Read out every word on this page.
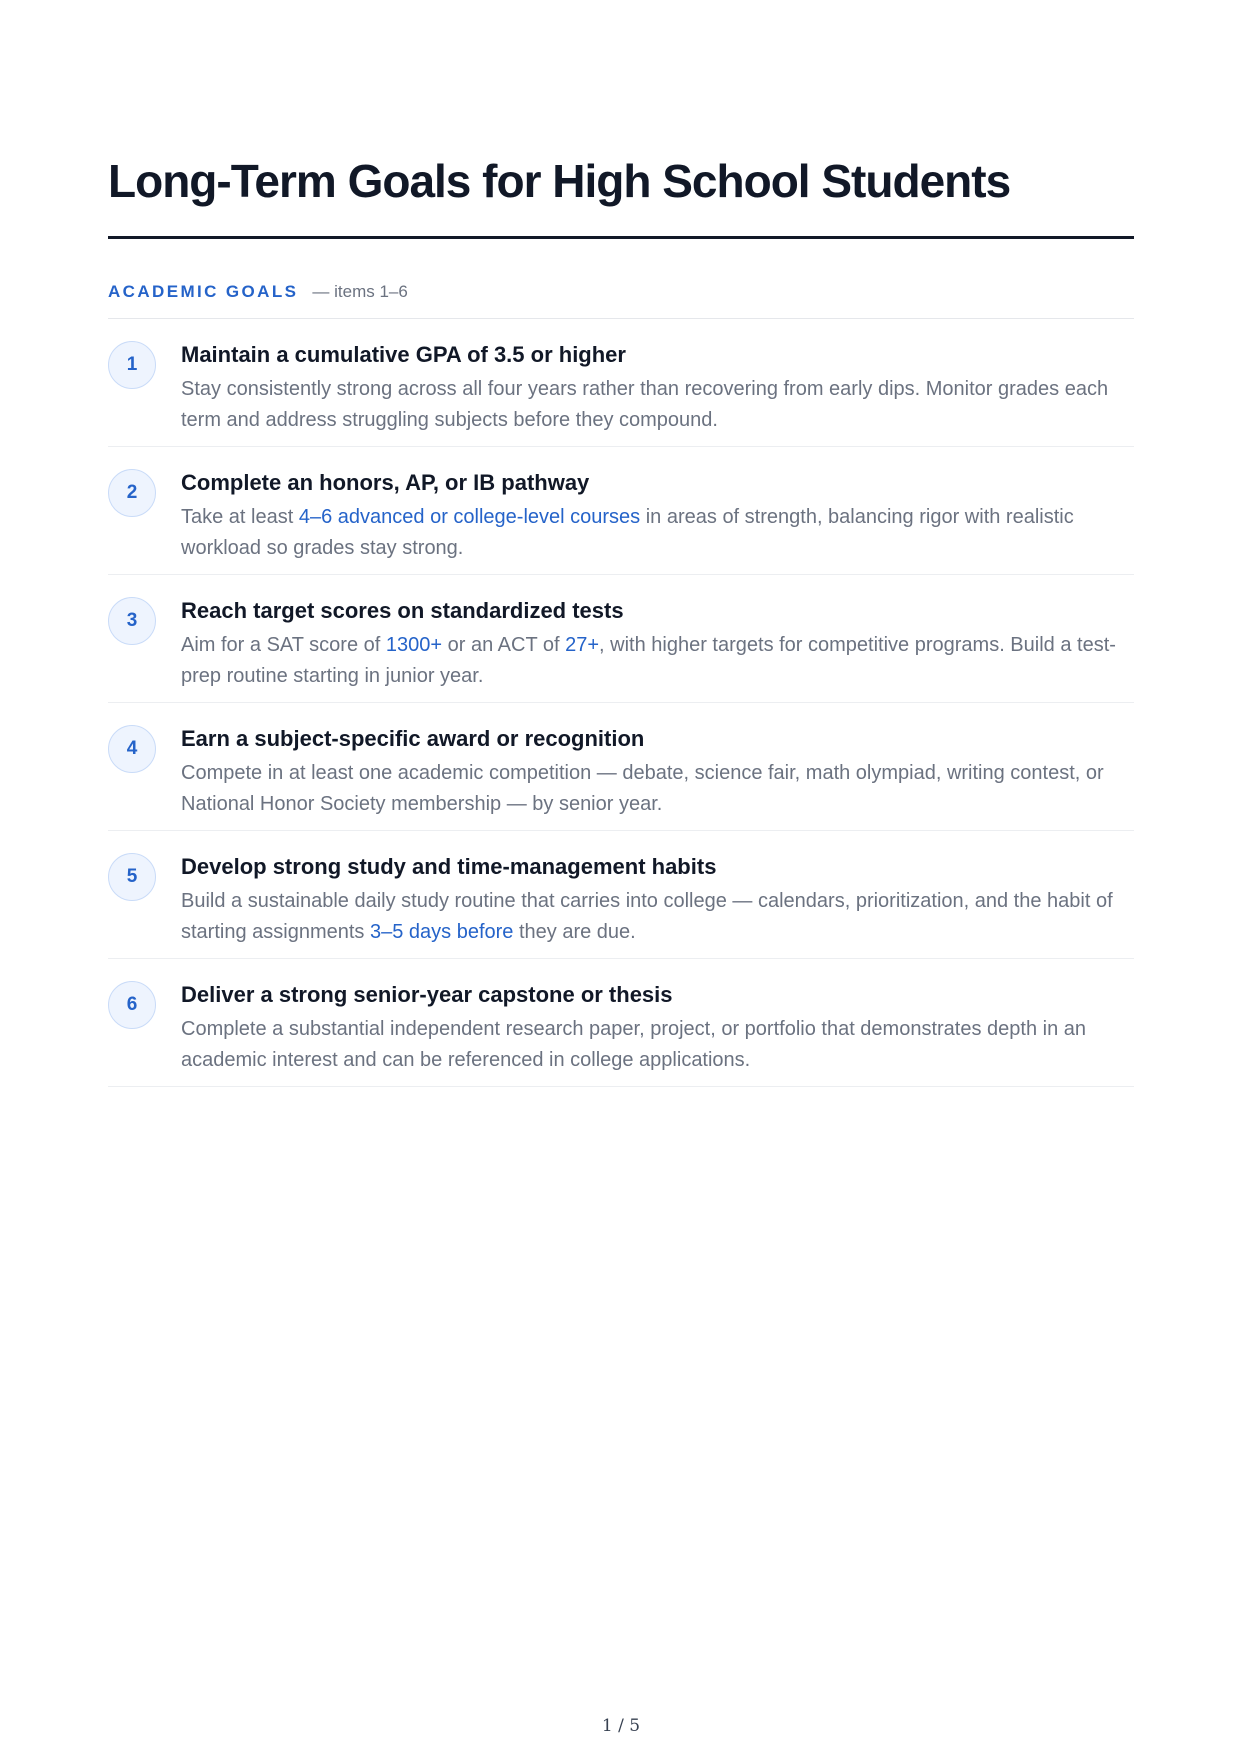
Long-Term Goals for High School Students
ACADEMIC GOALS — items 1–6
1	Maintain a cumulative GPA of 3.5 or higher
Stay consistently strong across all four years rather than recovering from early dips. Monitor grades each term and address struggling subjects before they compound.
2	Complete an honors, AP, or IB pathway
Take at least 4–6 advanced or college-level courses in areas of strength, balancing rigor with realistic workload so grades stay strong.
3	Reach target scores on standardized tests
Aim for a SAT score of 1300+ or an ACT of 27+, with higher targets for competitive programs. Build a test-prep routine starting in junior year.
4	Earn a subject-specific award or recognition
Compete in at least one academic competition — debate, science fair, math olympiad, writing contest, or National Honor Society membership — by senior year.
5	Develop strong study and time-management habits
Build a sustainable daily study routine that carries into college — calendars, prioritization, and the habit of starting assignments 3–5 days before they are due.
6	Deliver a strong senior-year capstone or thesis
Complete a substantial independent research paper, project, or portfolio that demonstrates depth in an academic interest and can be referenced in college applications.
1 / 5
